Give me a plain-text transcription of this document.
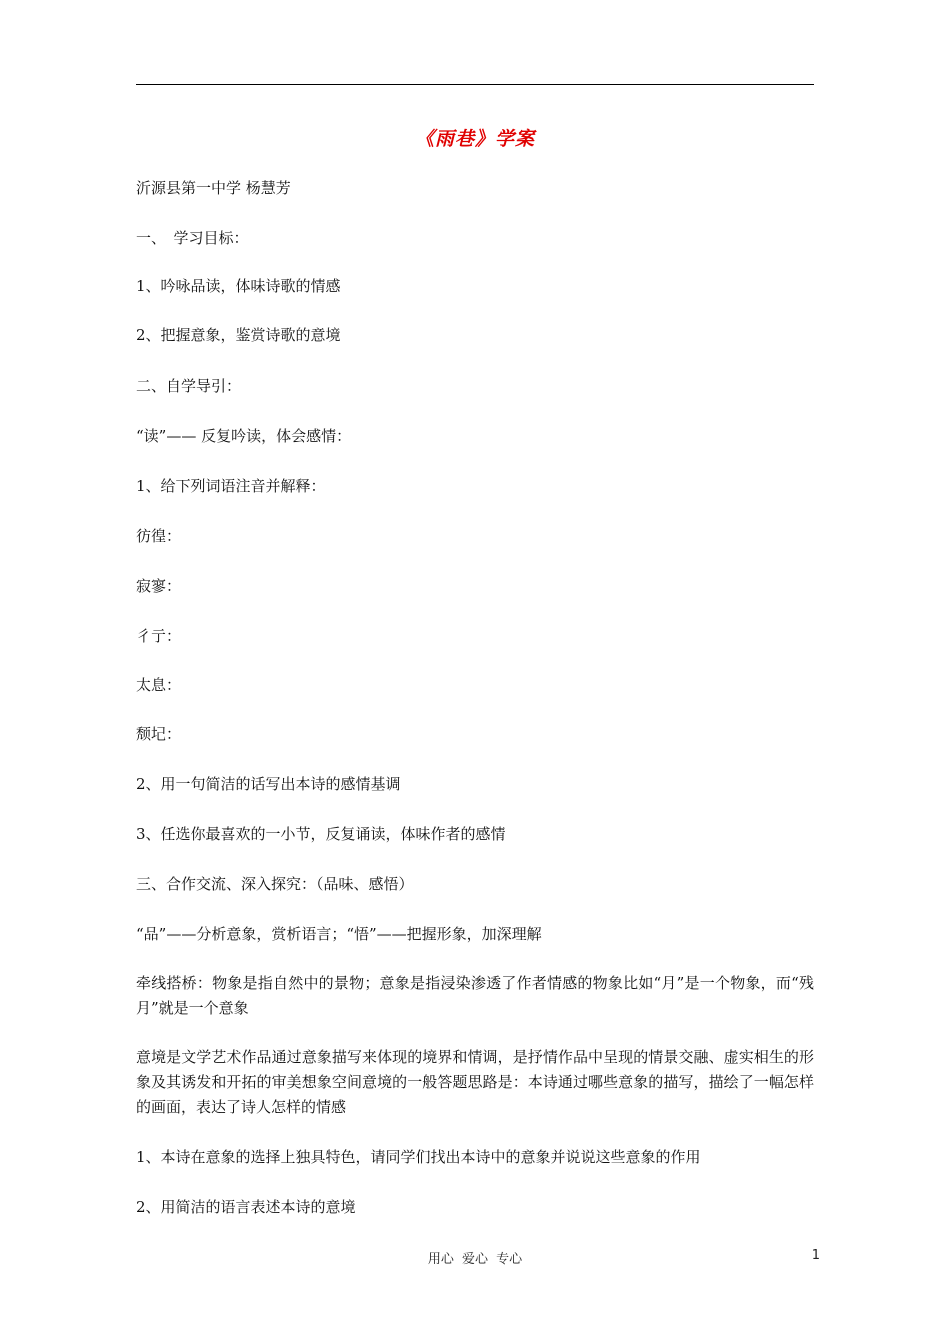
《雨巷》学案
沂源县第一中学 杨慧芳
一、　学习目标：
1、吟咏品读，体味诗歌的情感
2、把握意象，鉴赏诗歌的意境
二、自学导引：
“读”—— 反复吟读，体会感情：
1、给下列词语注音并解释：
彷徨：
寂寥：
彳亍：
太息：
颓圮：
2、用一句简洁的话写出本诗的感情基调
3、任选你最喜欢的一小节，反复诵读，体味作者的感情
三、合作交流、深入探究：（品味、感悟）
“品”——分析意象，赏析语言；“悟”——把握形象，加深理解
牵线搭桥：物象是指自然中的景物；意象是指浸染渗透了作者情感的物象比如“月”是一个物象，而“残月”就是一个意象
意境是文学艺术作品通过意象描写来体现的境界和情调，是抒情作品中呈现的情景交融、虚实相生的形象及其诱发和开拓的审美想象空间意境的一般答题思路是：本诗通过哪些意象的描写，描绘了一幅怎样的画面，表达了诗人怎样的情感
1、本诗在意象的选择上独具特色，请同学们找出本诗中的意象并说说这些意象的作用
2、用简洁的语言表述本诗的意境
用心 爱心 专心	1
